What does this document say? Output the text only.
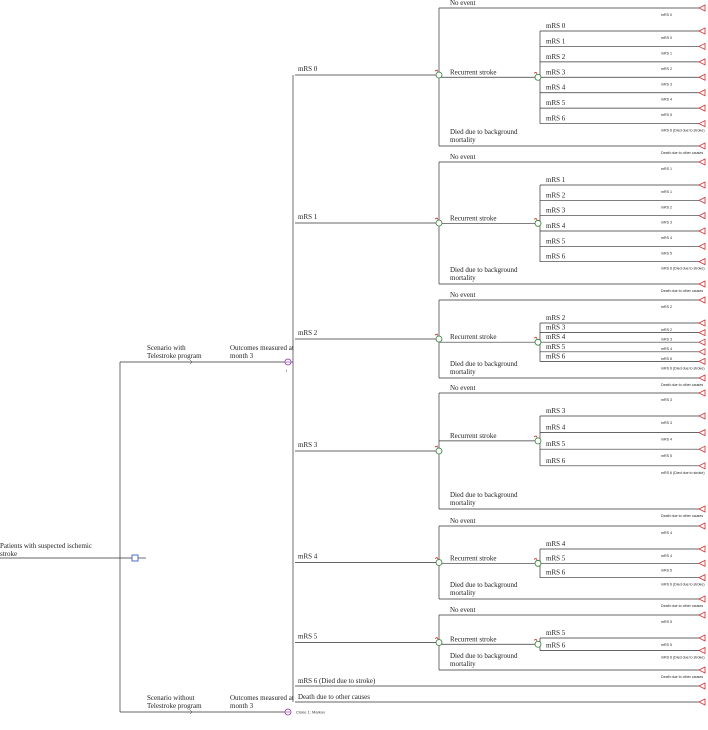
mRS 0
No event
mRS 0
Recurrent stroke
mRS 0
mRS 0
mRS 1
mRS 1
mRS 2
mRS 2
mRS 3
mRS 3
mRS 4
mRS 4
mRS 5
mRS 5
mRS 6
mRS 6 (Died due to stroke)
Died due to background
mortality
Death due to other causes
mRS 1
No event
mRS 1
Recurrent stroke
mRS 1
mRS 1
mRS 2
mRS 2
mRS 3
mRS 3
mRS 4
mRS 4
mRS 5
mRS 5
mRS 6
mRS 6 (Died due to stroke)
Died due to background
mortality
Death due to other causes
mRS 2
No event
mRS 2
Recurrent stroke
mRS 2
mRS 2
mRS 3
mRS 3
mRS 4
mRS 4
mRS 5
mRS 5
mRS 6
mRS 6 (Died due to stroke)
Died due to background
mortality
Death due to other causes
mRS 3
No event
mRS 3
Recurrent stroke
mRS 3
mRS 3
mRS 4
mRS 4
mRS 5
mRS 5
mRS 6
mRS 6 (Died due to stroke)
Died due to background
mortality
Death due to other causes
mRS 4
No event
mRS 4
Recurrent stroke
mRS 4
mRS 4
mRS 5
mRS 5
mRS 6
mRS 6 (Died due to stroke)
Died due to background
mortality
Death due to other causes
mRS 5
No event
mRS 5
Recurrent stroke
mRS 5
mRS 5
mRS 6
mRS 6 (Died due to stroke)
Died due to background
mortality
Death due to other causes
mRS 6 (Died due to stroke)
Death due to other causes
I
Patients with suspected ischemic
stroke
Scenario with
Telestroke program
Outcomes measured at
month 3
Scenario without
Telestroke program
Outcomes measured at
month 3
Clone 1: Markov
